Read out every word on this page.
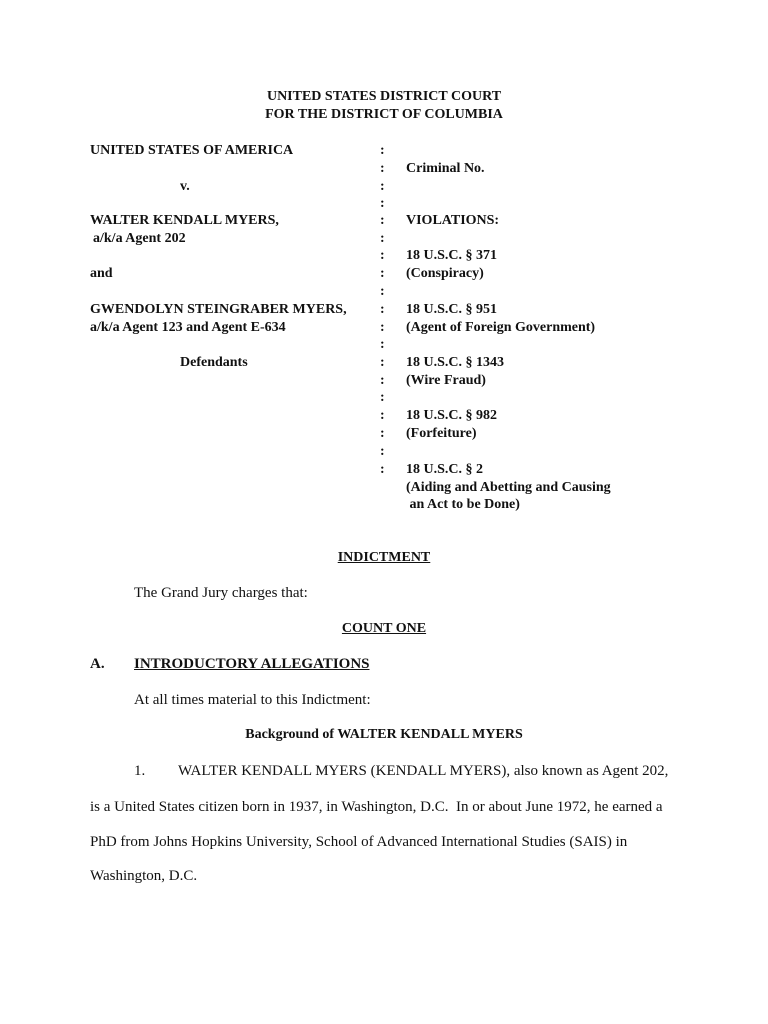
UNITED STATES DISTRICT COURT
FOR THE DISTRICT OF COLUMBIA
UNITED STATES OF AMERICA
v.
WALTER KENDALL MYERS,
a/k/a Agent 202
and
GWENDOLYN STEINGRABER MYERS,
a/k/a Agent 123 and Agent E-634
Defendants
:
:
:
:
:
:
:
:
:
:
:
:
:
:
:
:
:
:
:
Criminal No.
VIOLATIONS:
18 U.S.C. § 371
(Conspiracy)
18 U.S.C. § 951
(Agent of Foreign Government)
18 U.S.C. § 1343
(Wire Fraud)
18 U.S.C. § 982
(Forfeiture)
18 U.S.C. § 2
(Aiding and Abetting and Causing
an Act to be Done)
INDICTMENT
The Grand Jury charges that:
COUNT ONE
A. INTRODUCTORY ALLEGATIONS
At all times material to this Indictment:
Background of WALTER KENDALL MYERS
1. WALTER KENDALL MYERS (KENDALL MYERS), also known as Agent 202,
is a United States citizen born in 1937, in Washington, D.C.  In or about June 1972, he earned a
PhD from Johns Hopkins University, School of Advanced International Studies (SAIS) in
Washington, D.C.
